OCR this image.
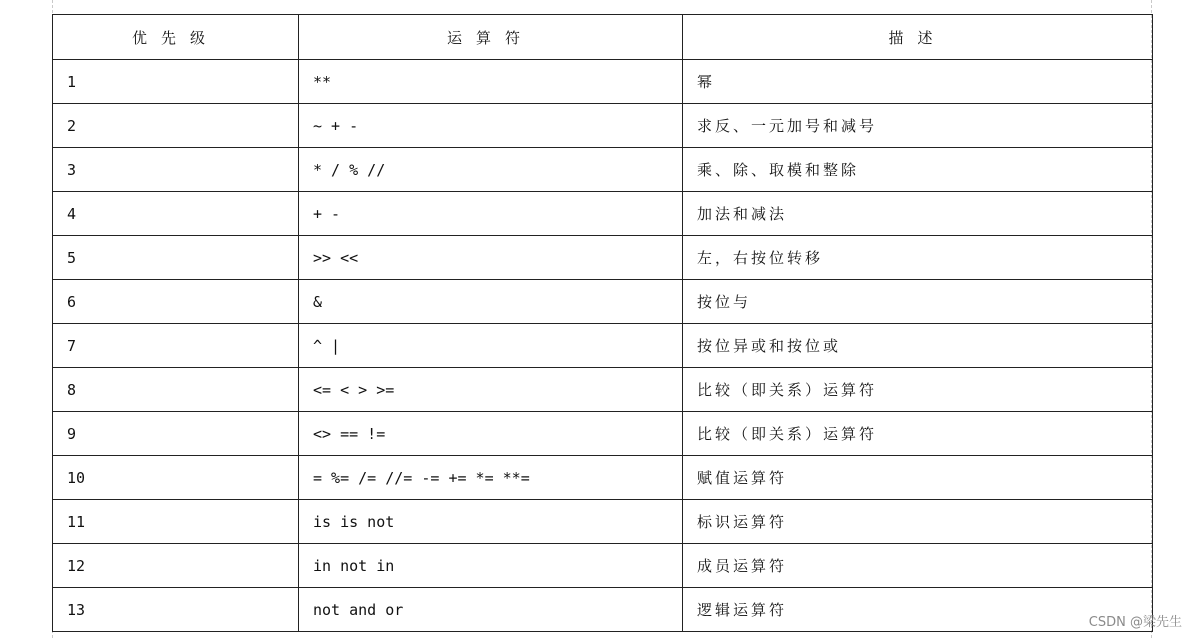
优先级	运算符	描述
1	**	幂
2	~ + -	求反、一元加号和减号
3	* / % //	乘、除、取模和整除
4	+ -	加法和减法
5	>> <<	左，右按位转移
6	&	按位与
7	^ |	按位异或和按位或
8	<= < > >=	比较（即关系）运算符
9	<> == !=	比较（即关系）运算符
10	= %= /= //= -= += *= **=	赋值运算符
11	is is not	标识运算符
12	in not in	成员运算符
13	not and or	逻辑运算符
CSDN @梁先生
